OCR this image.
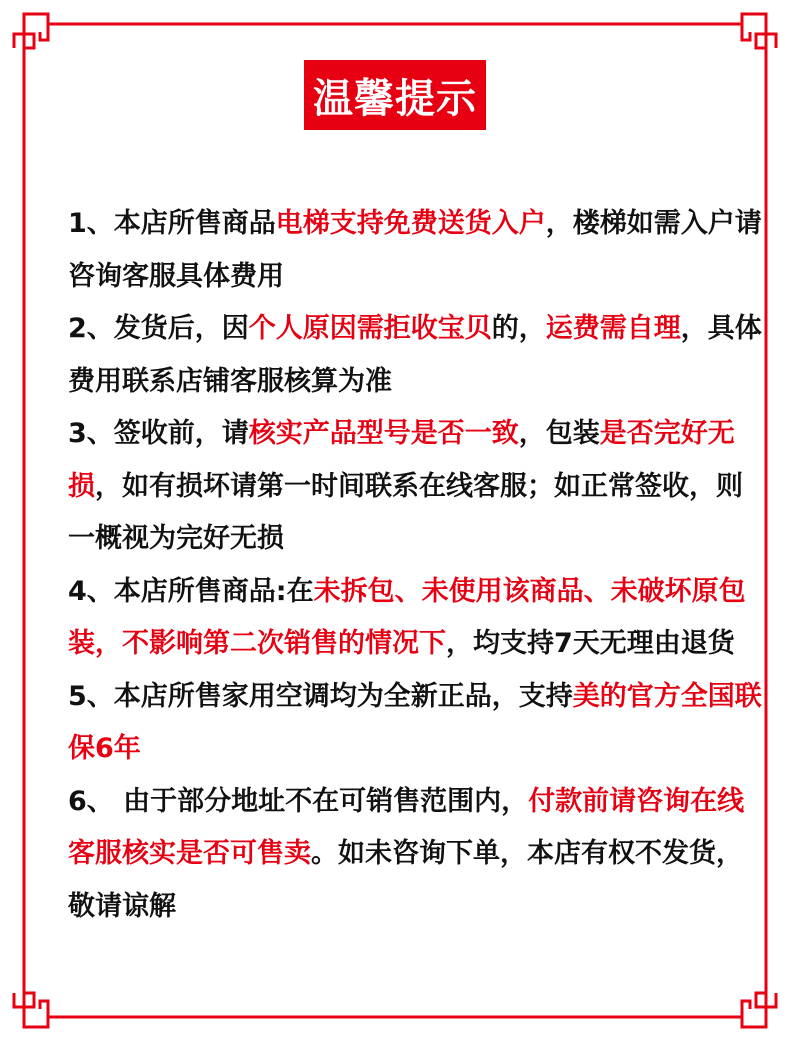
温馨提示

1、本店所售商品电梯支持免费送货入户，楼梯如需入户请咨询客服具体费用

2、发货后，因个人原因需拒收宝贝的，运费需自理，具体费用联系店铺客服核算为准

3、签收前，请核实产品型号是否一致，包装是否完好无损，如有损坏请第一时间联系在线客服；如正常签收，则一概视为完好无损

4、本店所售商品:在未拆包、未使用该商品、未破坏原包装，不影响第二次销售的情况下，均支持7天无理由退货

5、本店所售家用空调均为全新正品，支持美的官方全国联保6年

6、 由于部分地址不在可销售范围内，付款前请咨询在线客服核实是否可售卖。如未咨询下单，本店有权不发货，敬请谅解
